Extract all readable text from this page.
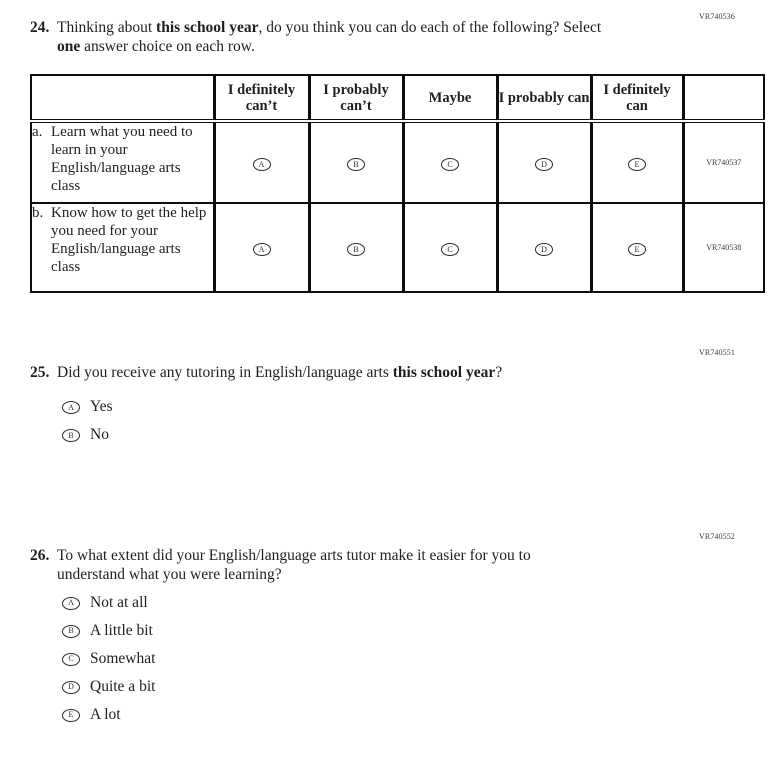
VR740536
VR740551
VR740552
24. Thinking about this school year, do you think you can do each of the following? Select
one answer choice on each row.
	I definitely can’t	I probably can’t	Maybe	I probably can	I definitely can	

a. Learn what you need to learn in your English/language arts class	A	B	C	D	E	VR740537

b. Know how to get the help you need for your English/language arts class	A	B	C	D	E	VR740538
25. Did you receive any tutoring in English/language arts this school year?
A	Yes
B	No
26. To what extent did your English/language arts tutor make it easier for you to
understand what you were learning?
A	Not at all
B	A little bit
C	Somewhat
D	Quite a bit
E	A lot
